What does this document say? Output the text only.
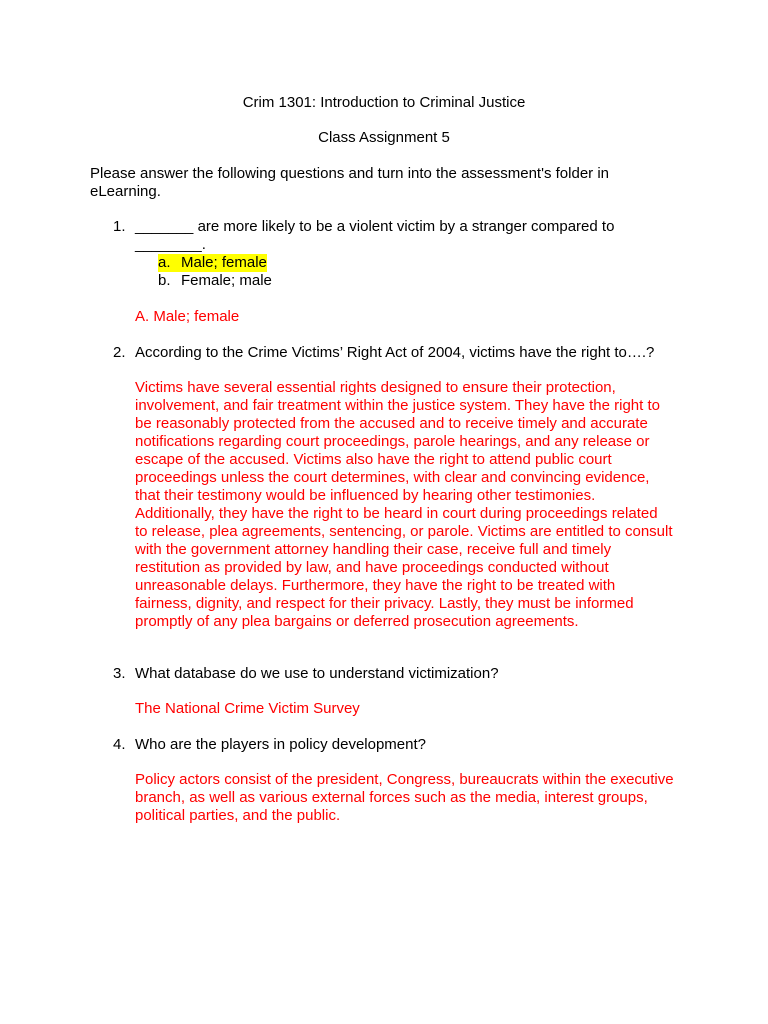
Crim 1301: Introduction to Criminal Justice

Class Assignment 5

Please answer the following questions and turn into the assessment's folder in

eLearning.

1. _______ are more likely to be a violent victim by a stranger compared to

________.

a. Male; female

b. Female; male

A. Male; female

2. According to the Crime Victims’ Right Act of 2004, victims have the right to….?

Victims have several essential rights designed to ensure their protection,
involvement, and fair treatment within the justice system. They have the right to
be reasonably protected from the accused and to receive timely and accurate
notifications regarding court proceedings, parole hearings, and any release or
escape of the accused. Victims also have the right to attend public court
proceedings unless the court determines, with clear and convincing evidence,
that their testimony would be influenced by hearing other testimonies.
Additionally, they have the right to be heard in court during proceedings related
to release, plea agreements, sentencing, or parole. Victims are entitled to consult
with the government attorney handling their case, receive full and timely
restitution as provided by law, and have proceedings conducted without
unreasonable delays. Furthermore, they have the right to be treated with
fairness, dignity, and respect for their privacy. Lastly, they must be informed
promptly of any plea bargains or deferred prosecution agreements.

3. What database do we use to understand victimization?

The National Crime Victim Survey

4. Who are the players in policy development?

Policy actors consist of the president, Congress, bureaucrats within the executive
branch, as well as various external forces such as the media, interest groups,
political parties, and the public.
